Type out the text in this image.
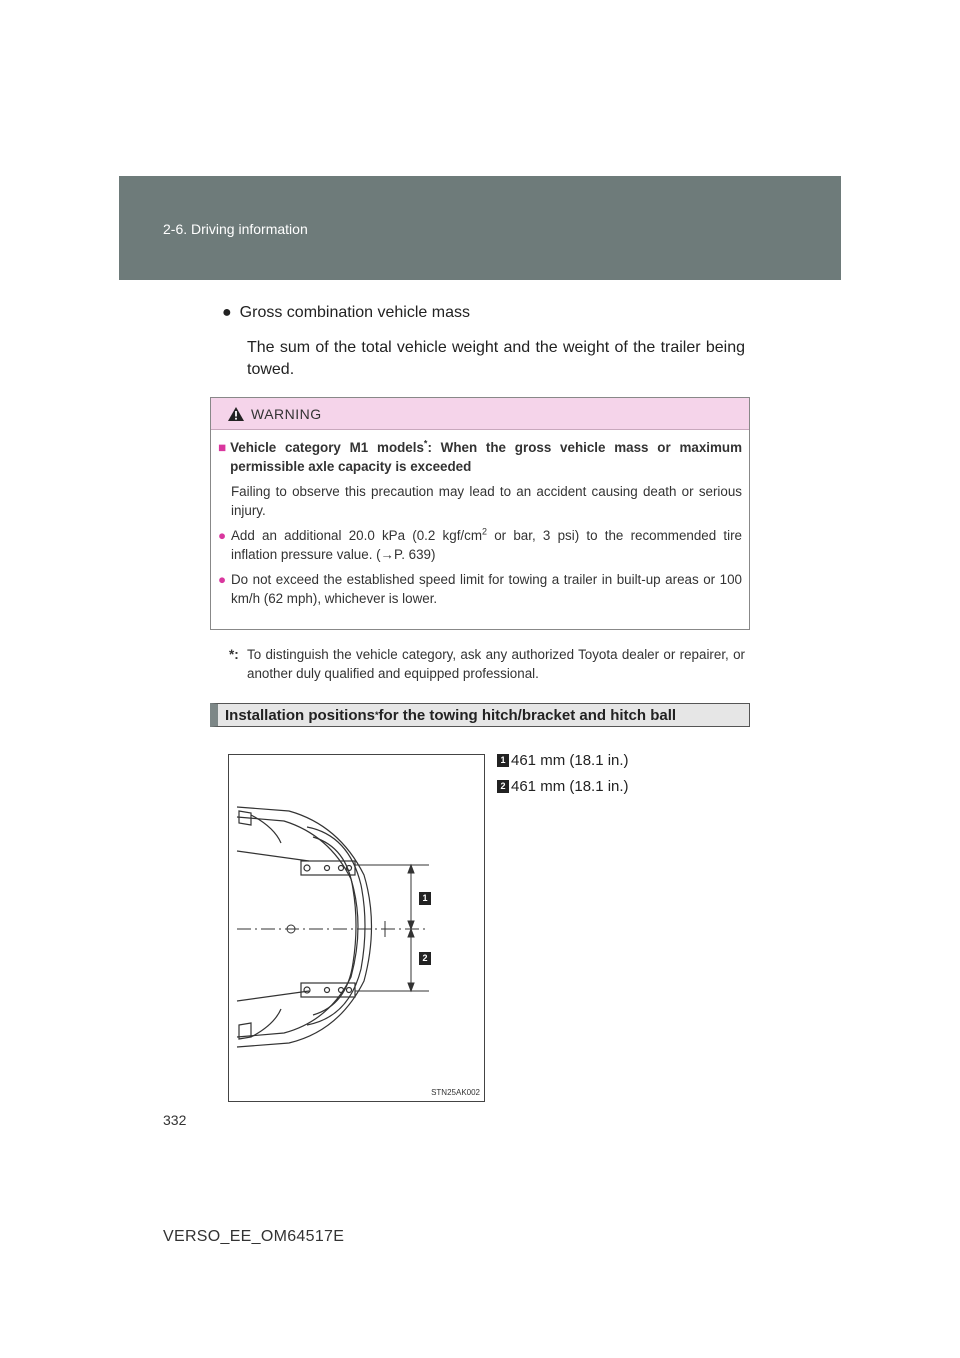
2-6. Driving information
● Gross combination vehicle mass
The sum of the total vehicle weight and the weight of the trailer being towed.
WARNING
■ Vehicle category M1 models*: When the gross vehicle mass or maximum permissible axle capacity is exceeded
Failing to observe this precaution may lead to an accident causing death or serious injury.
● Add an additional 20.0 kPa (0.2 kgf/$cm^2$ or bar, 3 psi) to the recommended tire inflation pressure value. (→P. 639)
● Do not exceed the established speed limit for towing a trailer in built-up areas or 100 km/h (62 mph), whichever is lower.
*: To distinguish the vehicle category, ask any authorized Toyota dealer or repairer, or another duly qualified and equipped professional.
Installation positions * for the towing hitch/bracket and hitch ball
1
2
STN25AK002
1 461 mm (18.1 in.)
2 461 mm (18.1 in.)
332
VERSO_EE_OM64517E
